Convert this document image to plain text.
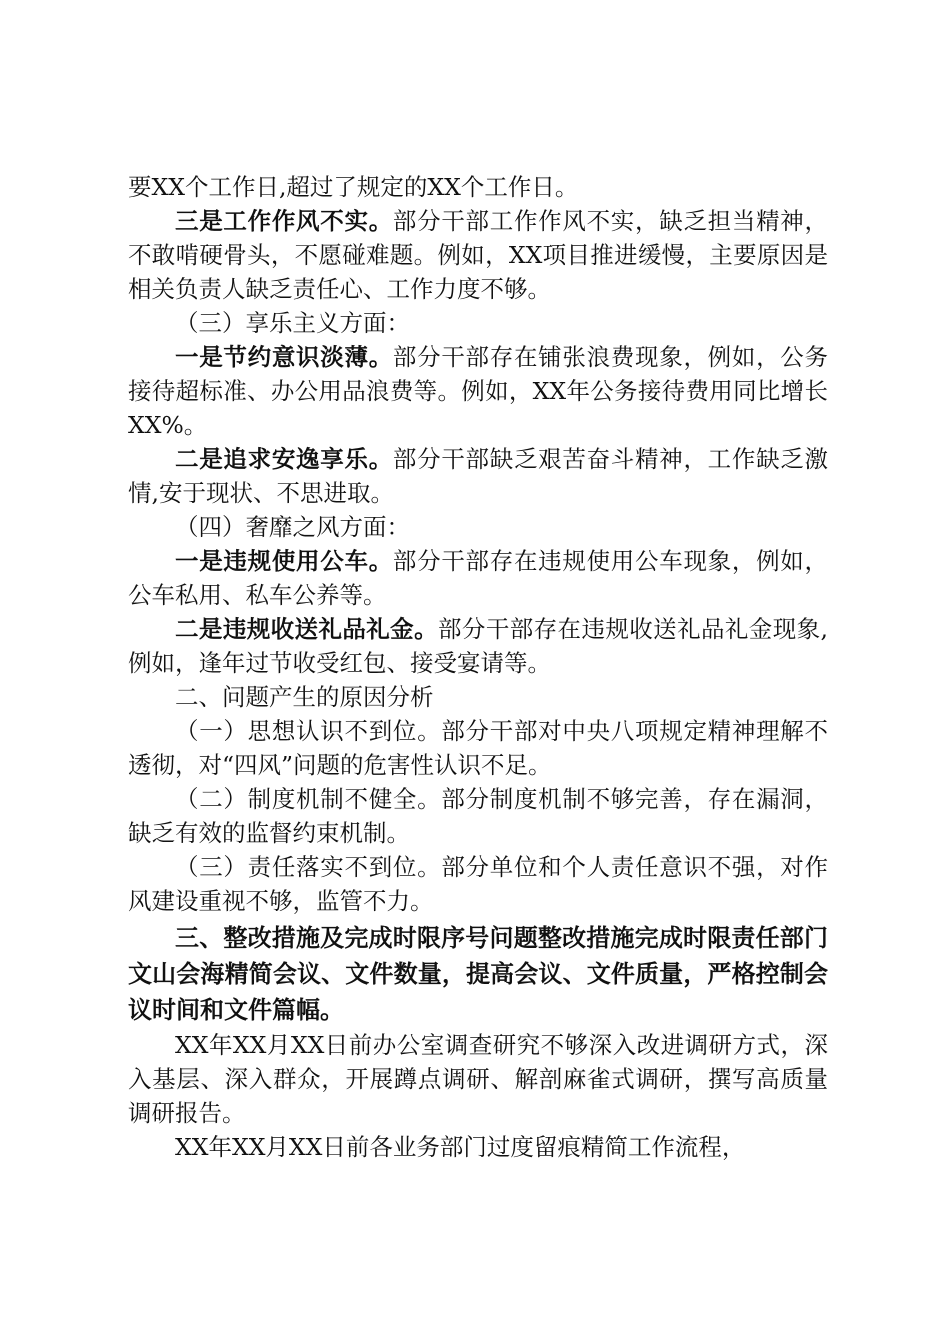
要XX个工作日,超过了规定的XX个工作日。

三是工作作风不实。部分干部工作作风不实，缺乏担当精神，不敢啃硬骨头，不愿碰难题。例如，XX项目推进缓慢，主要原因是相关负责人缺乏责任心、工作力度不够。

（三）享乐主义方面：

一是节约意识淡薄。部分干部存在铺张浪费现象，例如，公务接待超标准、办公用品浪费等。例如，XX年公务接待费用同比增长XX%。

二是追求安逸享乐。部分干部缺乏艰苦奋斗精神，工作缺乏激情,安于现状、不思进取。

（四）奢靡之风方面：

一是违规使用公车。部分干部存在违规使用公车现象，例如，公车私用、私车公养等。

二是违规收送礼品礼金。部分干部存在违规收送礼品礼金现象,例如，逢年过节收受红包、接受宴请等。

二、问题产生的原因分析

（一）思想认识不到位。部分干部对中央八项规定精神理解不透彻，对“四风”问题的危害性认识不足。

（二）制度机制不健全。部分制度机制不够完善，存在漏洞，缺乏有效的监督约束机制。

（三）责任落实不到位。部分单位和个人责任意识不强，对作风建设重视不够，监管不力。

三、整改措施及完成时限序号问题整改措施完成时限责任部门文山会海精简会议、文件数量，提高会议、文件质量，严格控制会议时间和文件篇幅。

XX年XX月XX日前办公室调查研究不够深入改进调研方式，深入基层、深入群众，开展蹲点调研、解剖麻雀式调研，撰写高质量调研报告。

XX年XX月XX日前各业务部门过度留痕精简工作流程，
